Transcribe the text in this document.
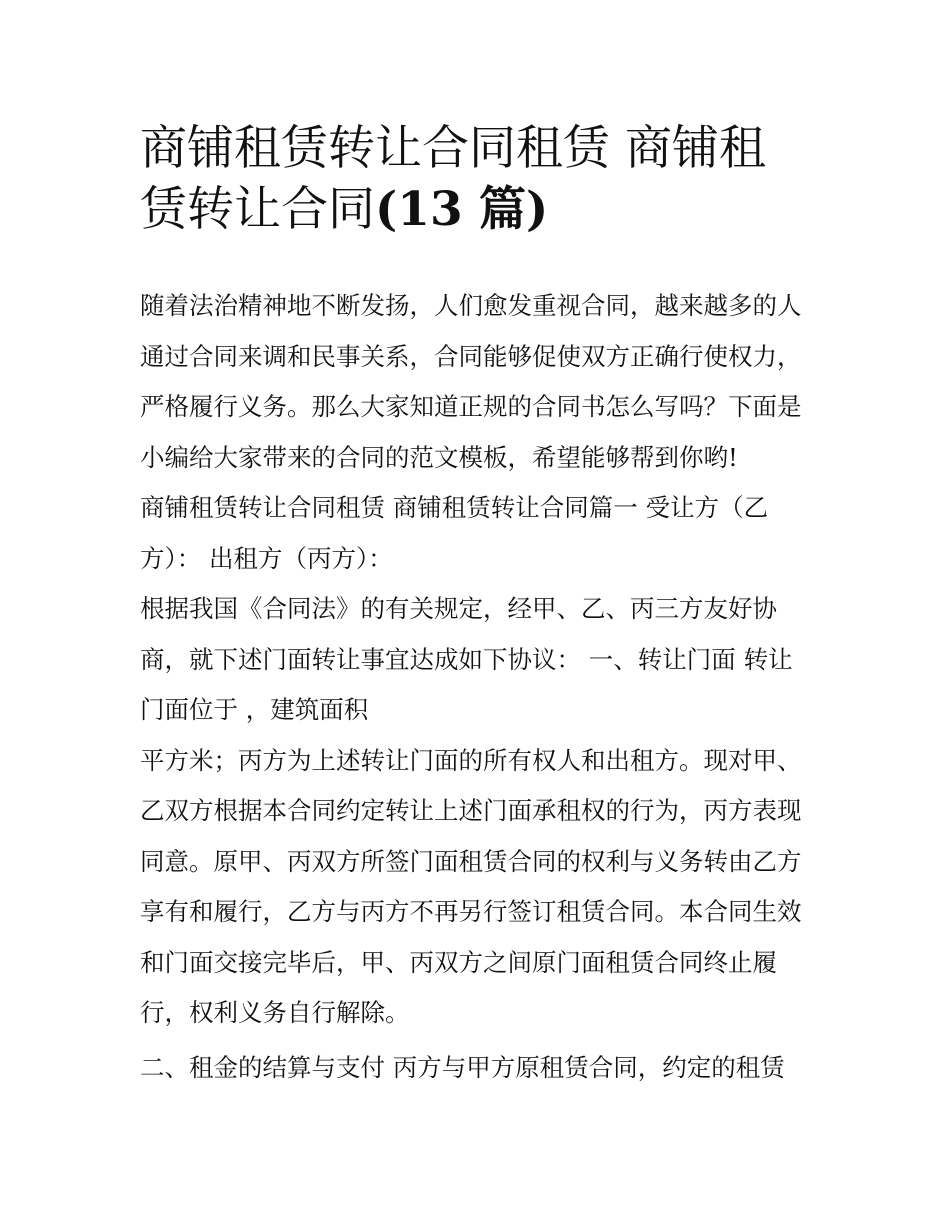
商铺租赁转让合同租赁 商铺租
赁转让合同(13 篇)
随着法治精神地不断发扬，人们愈发重视合同，越来越多的人
通过合同来调和民事关系，合同能够促使双方正确行使权力，
严格履行义务。那么大家知道正规的合同书怎么写吗？下面是
小编给大家带来的合同的范文模板，希望能够帮到你哟!
商铺租赁转让合同租赁 商铺租赁转让合同篇一 受让方（乙
方）： 出租方（丙方）：
根据我国《合同法》的有关规定，经甲、乙、丙三方友好协
商，就下述门面转让事宜达成如下协议： 一、转让门面 转让
门面位于 ，建筑面积
平方米；丙方为上述转让门面的所有权人和出租方。现对甲、
乙双方根据本合同约定转让上述门面承租权的行为，丙方表现
同意。原甲、丙双方所签门面租赁合同的权利与义务转由乙方
享有和履行，乙方与丙方不再另行签订租赁合同。本合同生效
和门面交接完毕后，甲、丙双方之间原门面租赁合同终止履
行，权利义务自行解除。
二、租金的结算与支付 丙方与甲方原租赁合同，约定的租赁
